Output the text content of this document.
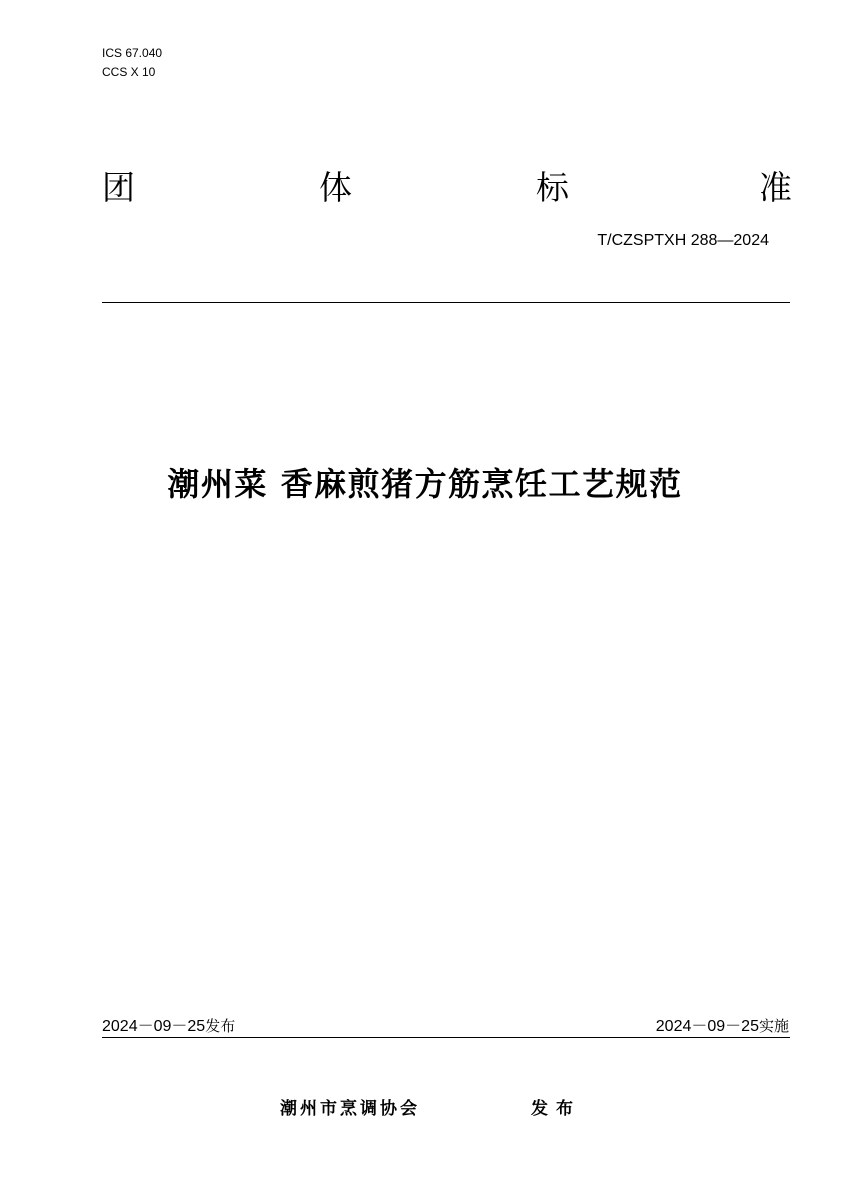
ICS 67.040
CCS X 10
团	体	标	准
T/CZSPTXH 288—2024
潮州菜 香麻煎猪方筋烹饪工艺规范
2024－09－25发布	2024－09－25实施
潮州市烹调协会	发布
